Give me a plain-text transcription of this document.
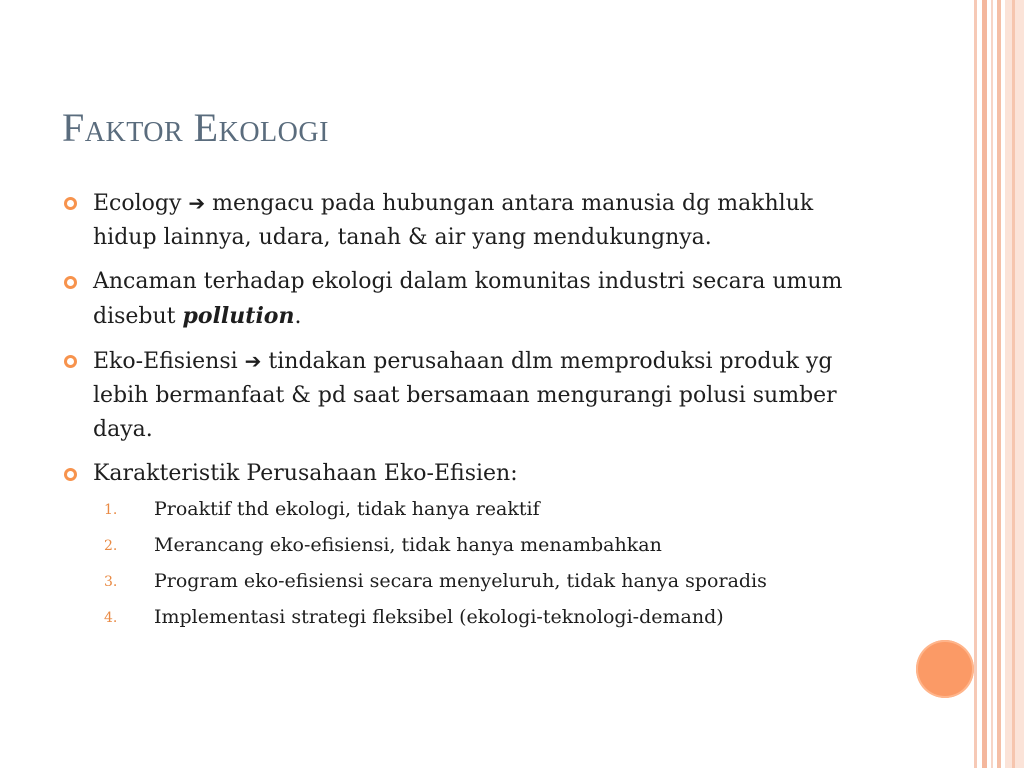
Faktor Ekologi
Ecology ➔ mengacu pada hubungan antara manusia dg makhluk hidup lainnya, udara, tanah & air yang mendukungnya.
Ancaman terhadap ekologi dalam komunitas industri secara umum disebut pollution.
Eko-Efisiensi ➔ tindakan perusahaan dlm memproduksi produk yg lebih bermanfaat & pd saat bersamaan mengurangi polusi sumber daya.
Karakteristik Perusahaan Eko-Efisien:
1. Proaktif thd ekologi, tidak hanya reaktif
2. Merancang eko-efisiensi, tidak hanya menambahkan
3. Program eko-efisiensi secara menyeluruh, tidak hanya sporadis
4. Implementasi strategi fleksibel (ekologi-teknologi-demand)
